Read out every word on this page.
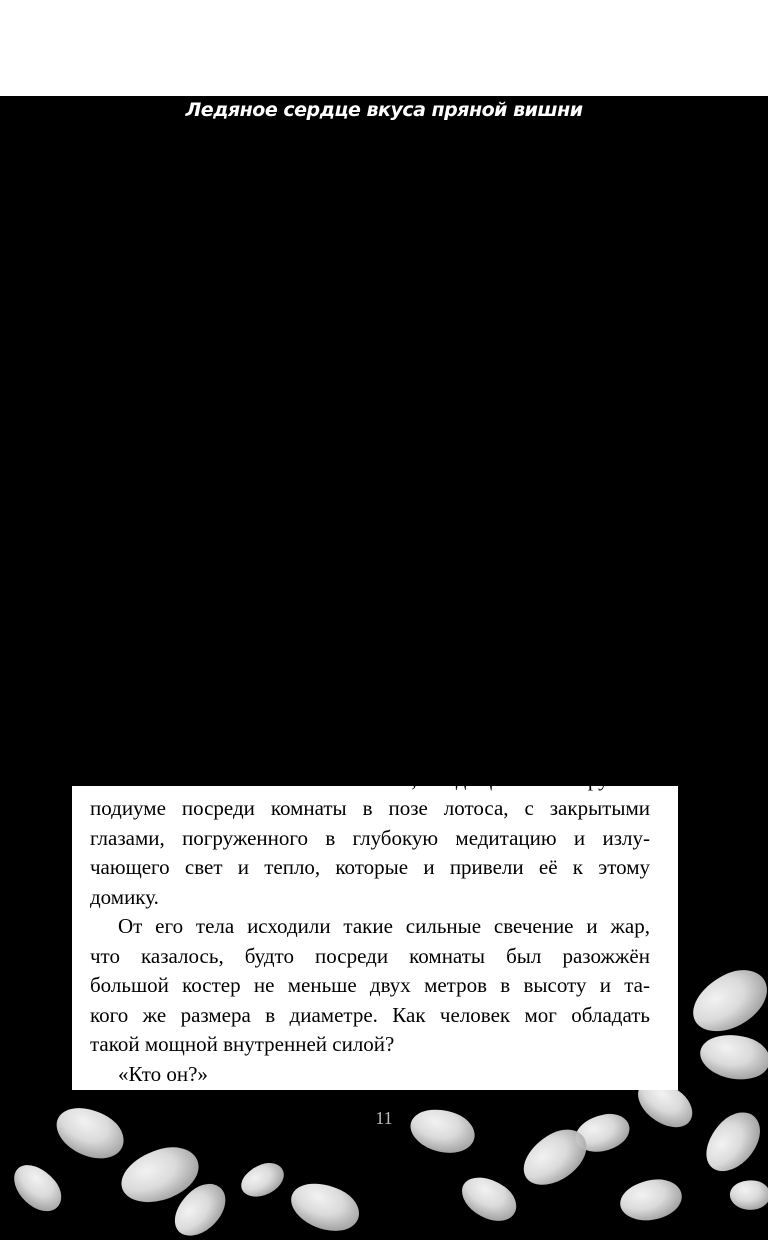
Ледяное сердце вкуса пряной вишни

но наливая содержимое из круглого глиняного чайнич-
ка, стоявшего на небольшом огне, в красивую, тоже
глиняную, чашку.

«О боги! Или демоны!»

Кто помог ей в этой ситуации, было все равно, Ли
Янь лишь хотела пить этот чудесный горячий напиток,
который при первом же глотке обжёг её губы и горло,
отчего она закашлялась и чуть не выплеснула такое
драгоценное содержимое. Следующий глоток девушка
сделала уже более обдуманно, крепко держа трясущи-
мися руками маленькую пиалу.

В порыве желания хоть немного согреться и утолить
жажду, она даже не обратила внимания на свет, кото-
рый проблескивал через бумагу ширмы. Сейчас же,
немного придя в себя, она поставила пустую чашку на
столик и направилась на другую сторону от перегород-
ки. И каково же было её изумление, когда принцесса
увидела...

Нет, не очаг, наполненный дровами, которые никог-
да не поджигали. Не кровать с шёлковыми простыня-
ми и одеялами, и пуховыми перинами, на которые
никто не ложился. А человека, сидящего на круглом
подиуме посреди комнаты в позе лотоса, с закрытыми
глазами, погруженного в глубокую медитацию и излу-
чающего свет и тепло, которые и привели её к этому
домику.

От его тела исходили такие сильные свечение и жар,
что казалось, будто посреди комнаты был разожжён
большой костер не меньше двух метров в высоту и та-
кого же размера в диаметре. Как человек мог обладать
такой мощной внутренней силой?

«Кто он?»

11
